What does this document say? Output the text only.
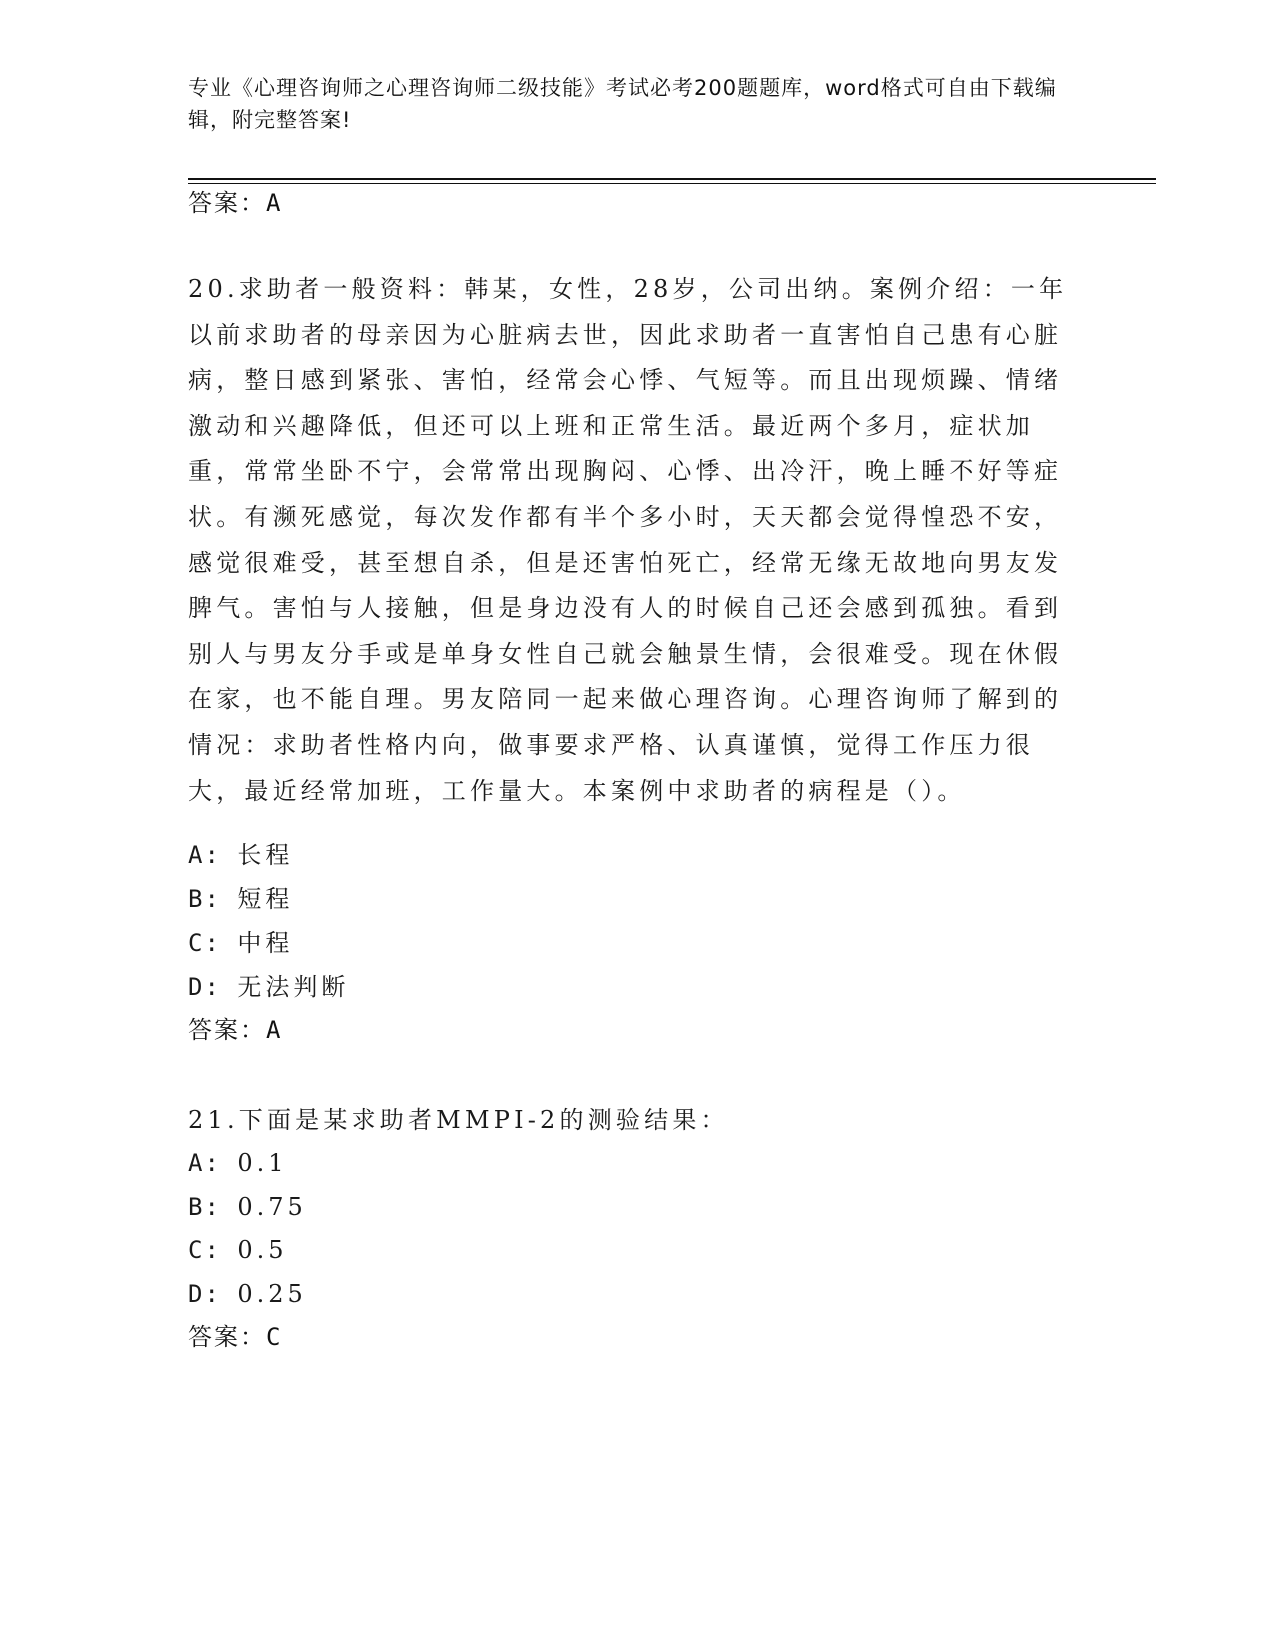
专业《心理咨询师之心理咨询师二级技能》考试必考200题题库，word格式可自由下载编辑，附完整答案!
答案：A
20.求助者一般资料：韩某，女性，28岁，公司出纳。案例介绍：一年以前求助者的母亲因为心脏病去世，因此求助者一直害怕自己患有心脏病，整日感到紧张、害怕，经常会心悸、气短等。而且出现烦躁、情绪激动和兴趣降低，但还可以上班和正常生活。最近两个多月，症状加重，常常坐卧不宁，会常常出现胸闷、心悸、出冷汗，晚上睡不好等症状。有濒死感觉，每次发作都有半个多小时，天天都会觉得惶恐不安，感觉很难受，甚至想自杀，但是还害怕死亡，经常无缘无故地向男友发脾气。害怕与人接触，但是身边没有人的时候自己还会感到孤独。看到别人与男友分手或是单身女性自己就会触景生情，会很难受。现在休假在家，也不能自理。男友陪同一起来做心理咨询。心理咨询师了解到的情况：求助者性格内向，做事要求严格、认真谨慎，觉得工作压力很大，最近经常加班，工作量大。本案例中求助者的病程是（）。
A: 长程
B: 短程
C: 中程
D: 无法判断
答案：A
21.下面是某求助者MMPI-2的测验结果：
A: 0.1
B: 0.75
C: 0.5
D: 0.25
答案：C
